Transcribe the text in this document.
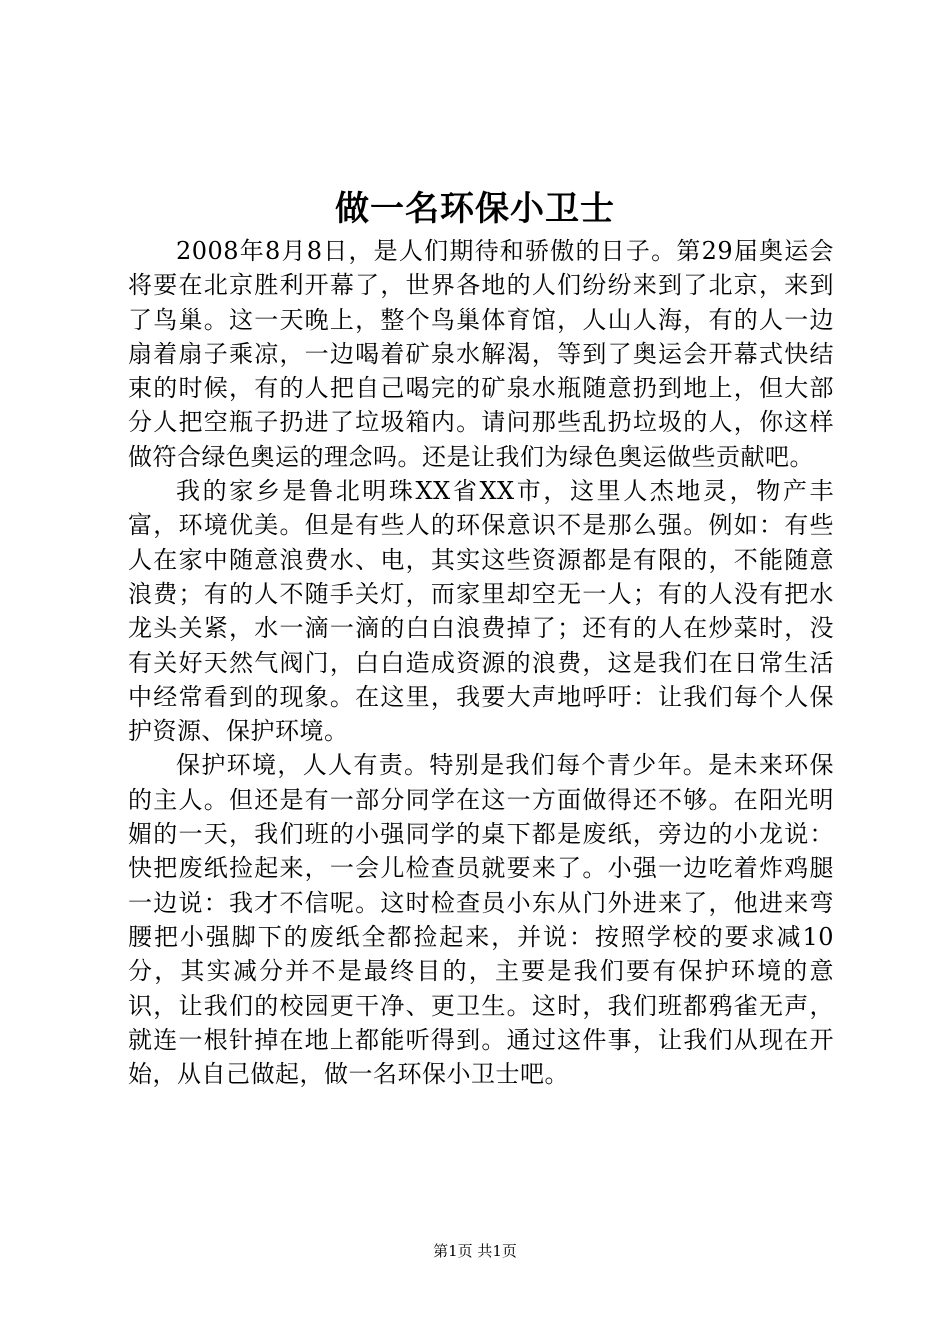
做一名环保小卫士

2008年8月8日，是人们期待和骄傲的日子。第29届奥运会将要在北京胜利开幕了，世界各地的人们纷纷来到了北京，来到了鸟巢。这一天晚上，整个鸟巢体育馆，人山人海，有的人一边扇着扇子乘凉，一边喝着矿泉水解渴，等到了奥运会开幕式快结束的时候，有的人把自己喝完的矿泉水瓶随意扔到地上，但大部分人把空瓶子扔进了垃圾箱内。请问那些乱扔垃圾的人，你这样做符合绿色奥运的理念吗。还是让我们为绿色奥运做些贡献吧。

我的家乡是鲁北明珠XX省XX市，这里人杰地灵，物产丰富，环境优美。但是有些人的环保意识不是那么强。例如：有些人在家中随意浪费水、电，其实这些资源都是有限的，不能随意浪费；有的人不随手关灯，而家里却空无一人；有的人没有把水龙头关紧，水一滴一滴的白白浪费掉了；还有的人在炒菜时，没有关好天然气阀门，白白造成资源的浪费，这是我们在日常生活中经常看到的现象。在这里，我要大声地呼吁：让我们每个人保护资源、保护环境。

保护环境，人人有责。特别是我们每个青少年。是未来环保的主人。但还是有一部分同学在这一方面做得还不够。在阳光明媚的一天，我们班的小强同学的桌下都是废纸，旁边的小龙说：快把废纸捡起来，一会儿检查员就要来了。小强一边吃着炸鸡腿一边说：我才不信呢。这时检查员小东从门外进来了，他进来弯腰把小强脚下的废纸全都捡起来，并说：按照学校的要求减10分，其实减分并不是最终目的，主要是我们要有保护环境的意识，让我们的校园更干净、更卫生。这时，我们班都鸦雀无声，就连一根针掉在地上都能听得到。通过这件事，让我们从现在开始，从自己做起，做一名环保小卫士吧。

第1页 共1页
